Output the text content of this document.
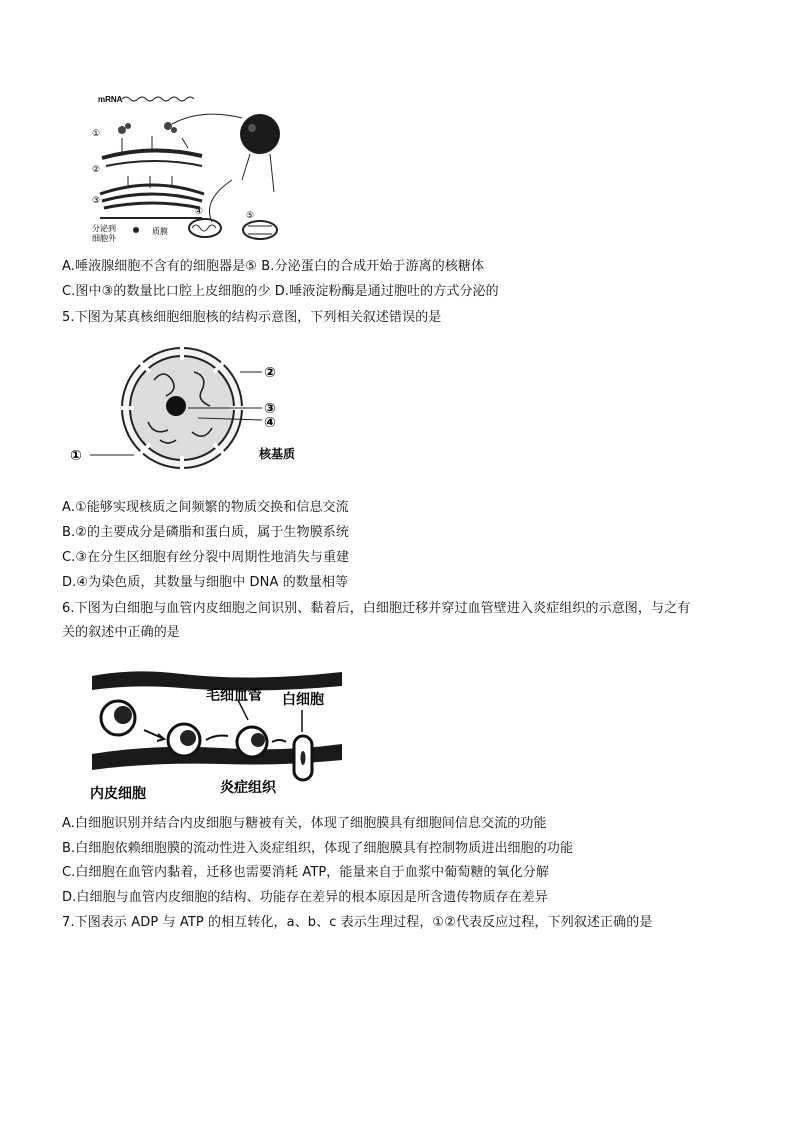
mRNA
①
②
③
④	⑤
分泌到
细胞外
质膜
A.唾液腺细胞不含有的细胞器是⑤ B.分泌蛋白的合成开始于游离的核糖体
C.图中③的数量比口腔上皮细胞的少 D.唾液淀粉酶是通过胞吐的方式分泌的
5.下图为某真核细胞细胞核的结构示意图，下列相关叙述错误的是
②
③
④
①	核基质
A.①能够实现核质之间频繁的物质交换和信息交流
B.②的主要成分是磷脂和蛋白质，属于生物膜系统
C.③在分生区细胞有丝分裂中周期性地消失与重建
D.④为染色质，其数量与细胞中 DNA 的数量相等
6.下图为白细胞与血管内皮细胞之间识别、黏着后，白细胞迁移并穿过血管壁进入炎症组织的示意图，与之有
关的叙述中正确的是
毛细血管 白细胞
内皮细胞	炎症组织
A.白细胞识别并结合内皮细胞与糖被有关，体现了细胞膜具有细胞间信息交流的功能
B.白细胞依赖细胞膜的流动性进入炎症组织，体现了细胞膜具有控制物质进出细胞的功能
C.白细胞在血管内黏着，迁移也需要消耗 ATP，能量来自于血浆中葡萄糖的氧化分解
D.白细胞与血管内皮细胞的结构、功能存在差异的根本原因是所含遗传物质存在差异
7.下图表示 ADP 与 ATP 的相互转化，a、b、c 表示生理过程，①②代表反应过程，下列叙述正确的是
